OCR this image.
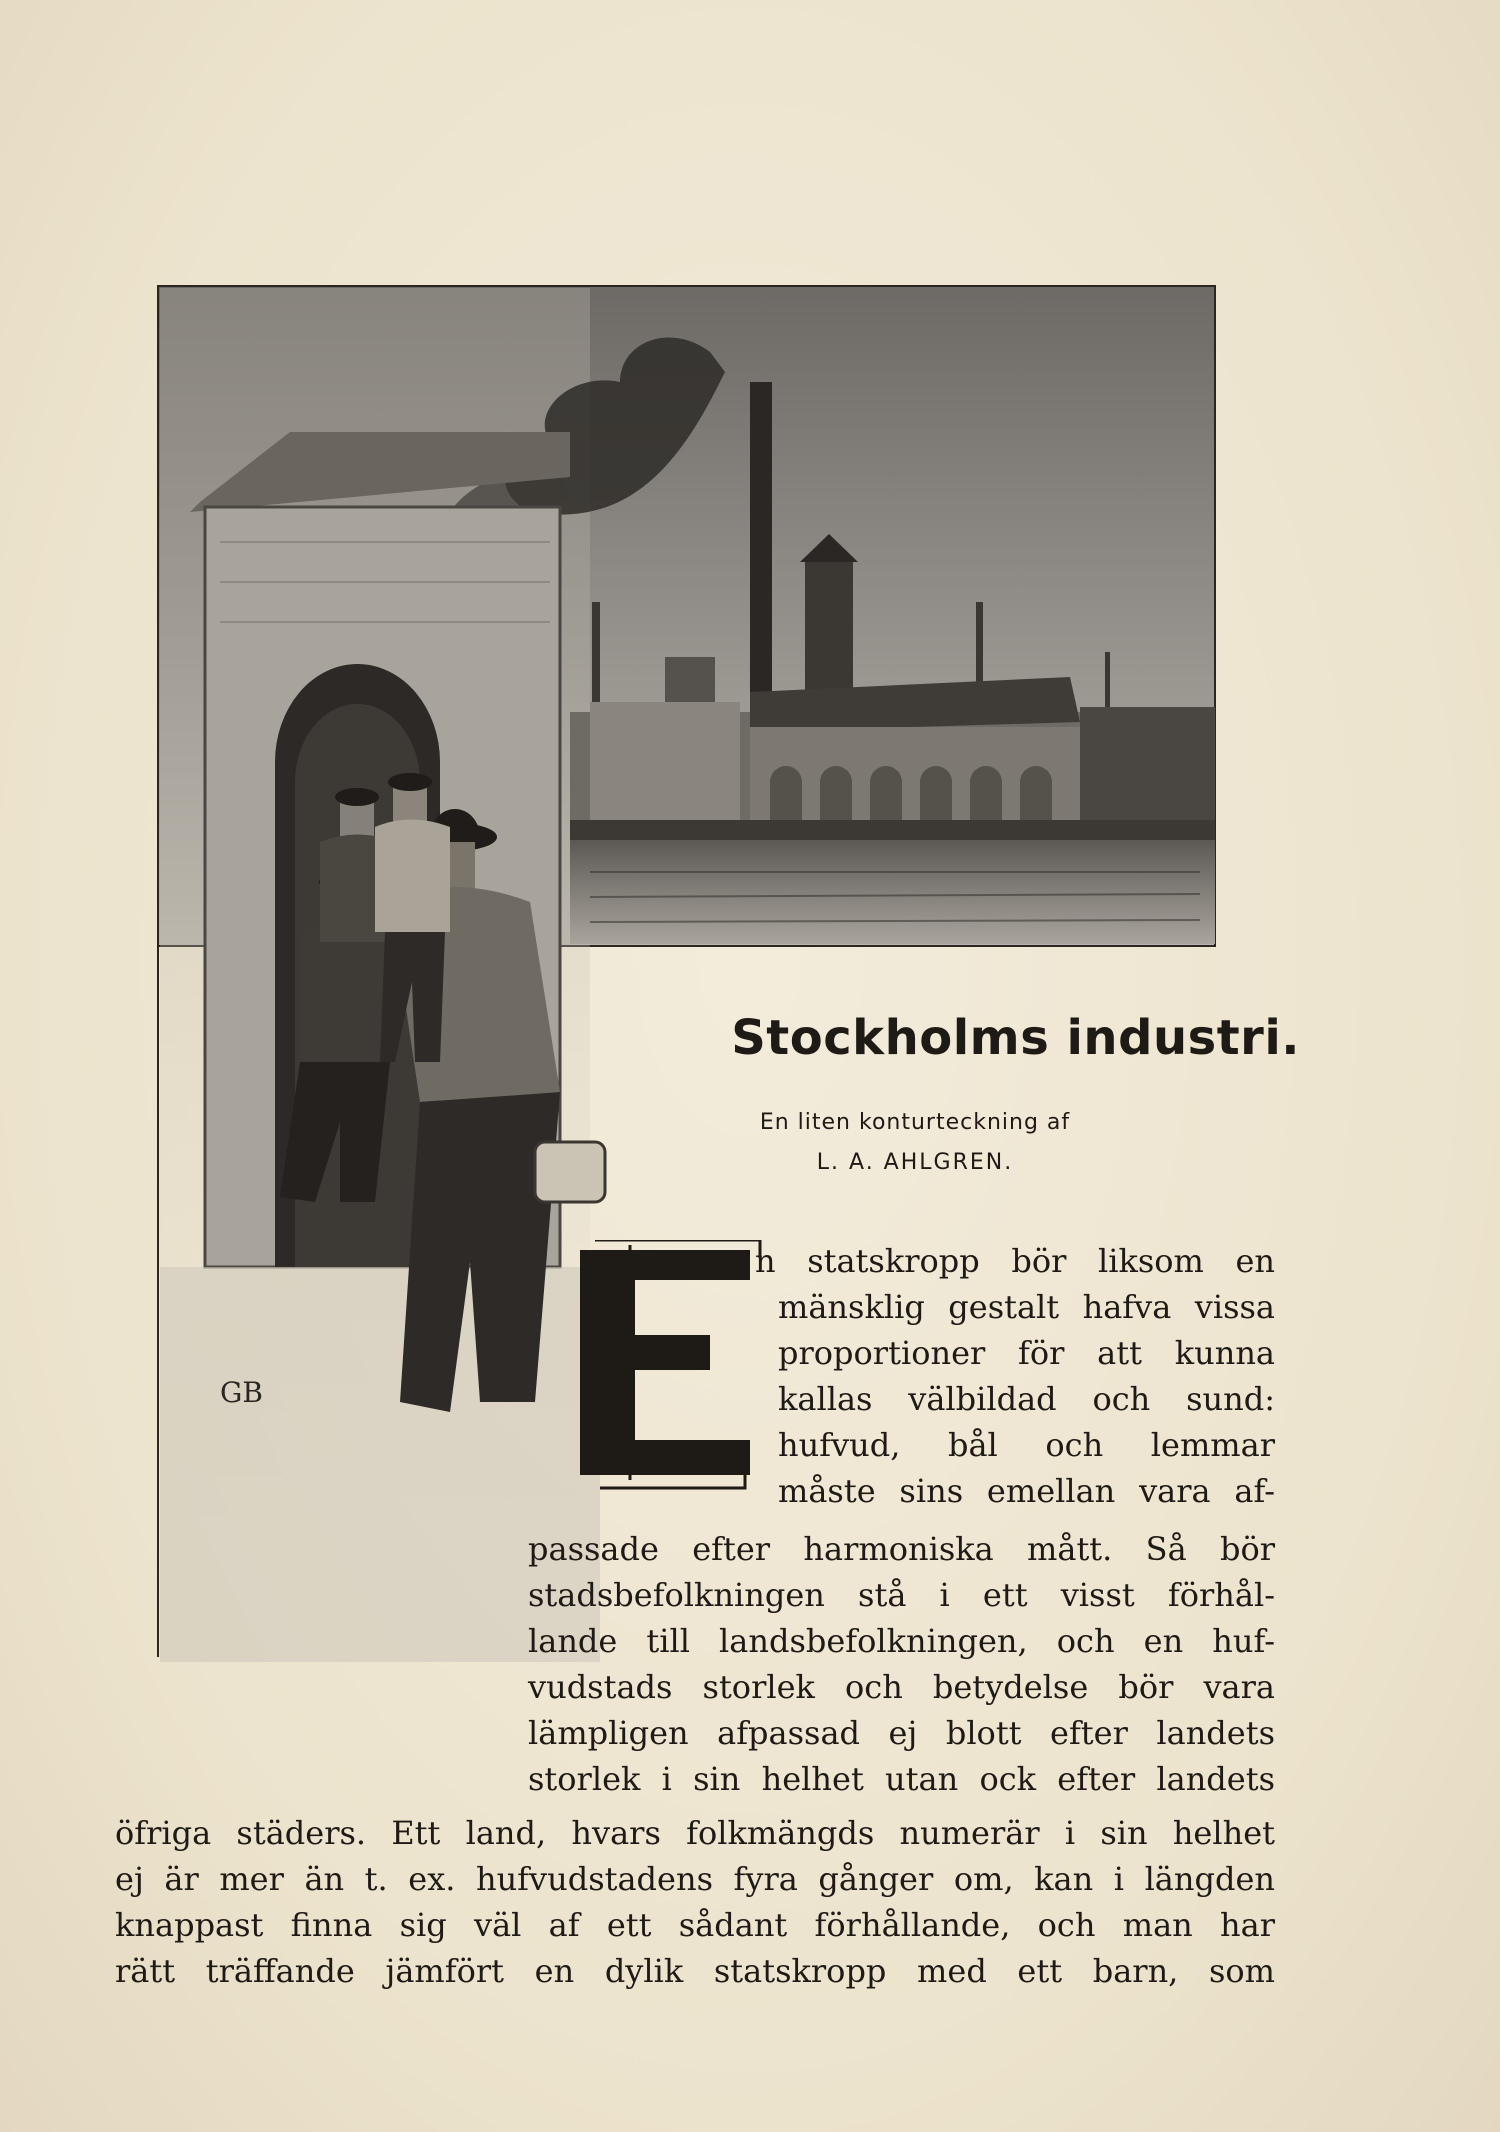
GB
Stockholms industri.
En liten konturteckning af
L. A. AHLGREN.
E
n statskropp bör liksom en
mänsklig gestalt hafva vissa
proportioner för att kunna
kallas välbildad och sund:
hufvud, bål och lemmar
måste sins emellan vara af-
passade efter harmoniska mått. Så bör
stadsbefolkningen stå i ett visst förhål-
lande till landsbefolkningen, och en huf-
vudstads storlek och betydelse bör vara
lämpligen afpassad ej blott efter landets
storlek i sin helhet utan ock efter landets
öfriga städers. Ett land, hvars folkmängds numerär i sin helhet
ej är mer än t. ex. hufvudstadens fyra gånger om, kan i längden
knappast finna sig väl af ett sådant förhållande, och man har
rätt träffande jämfört en dylik statskropp med ett barn, som
